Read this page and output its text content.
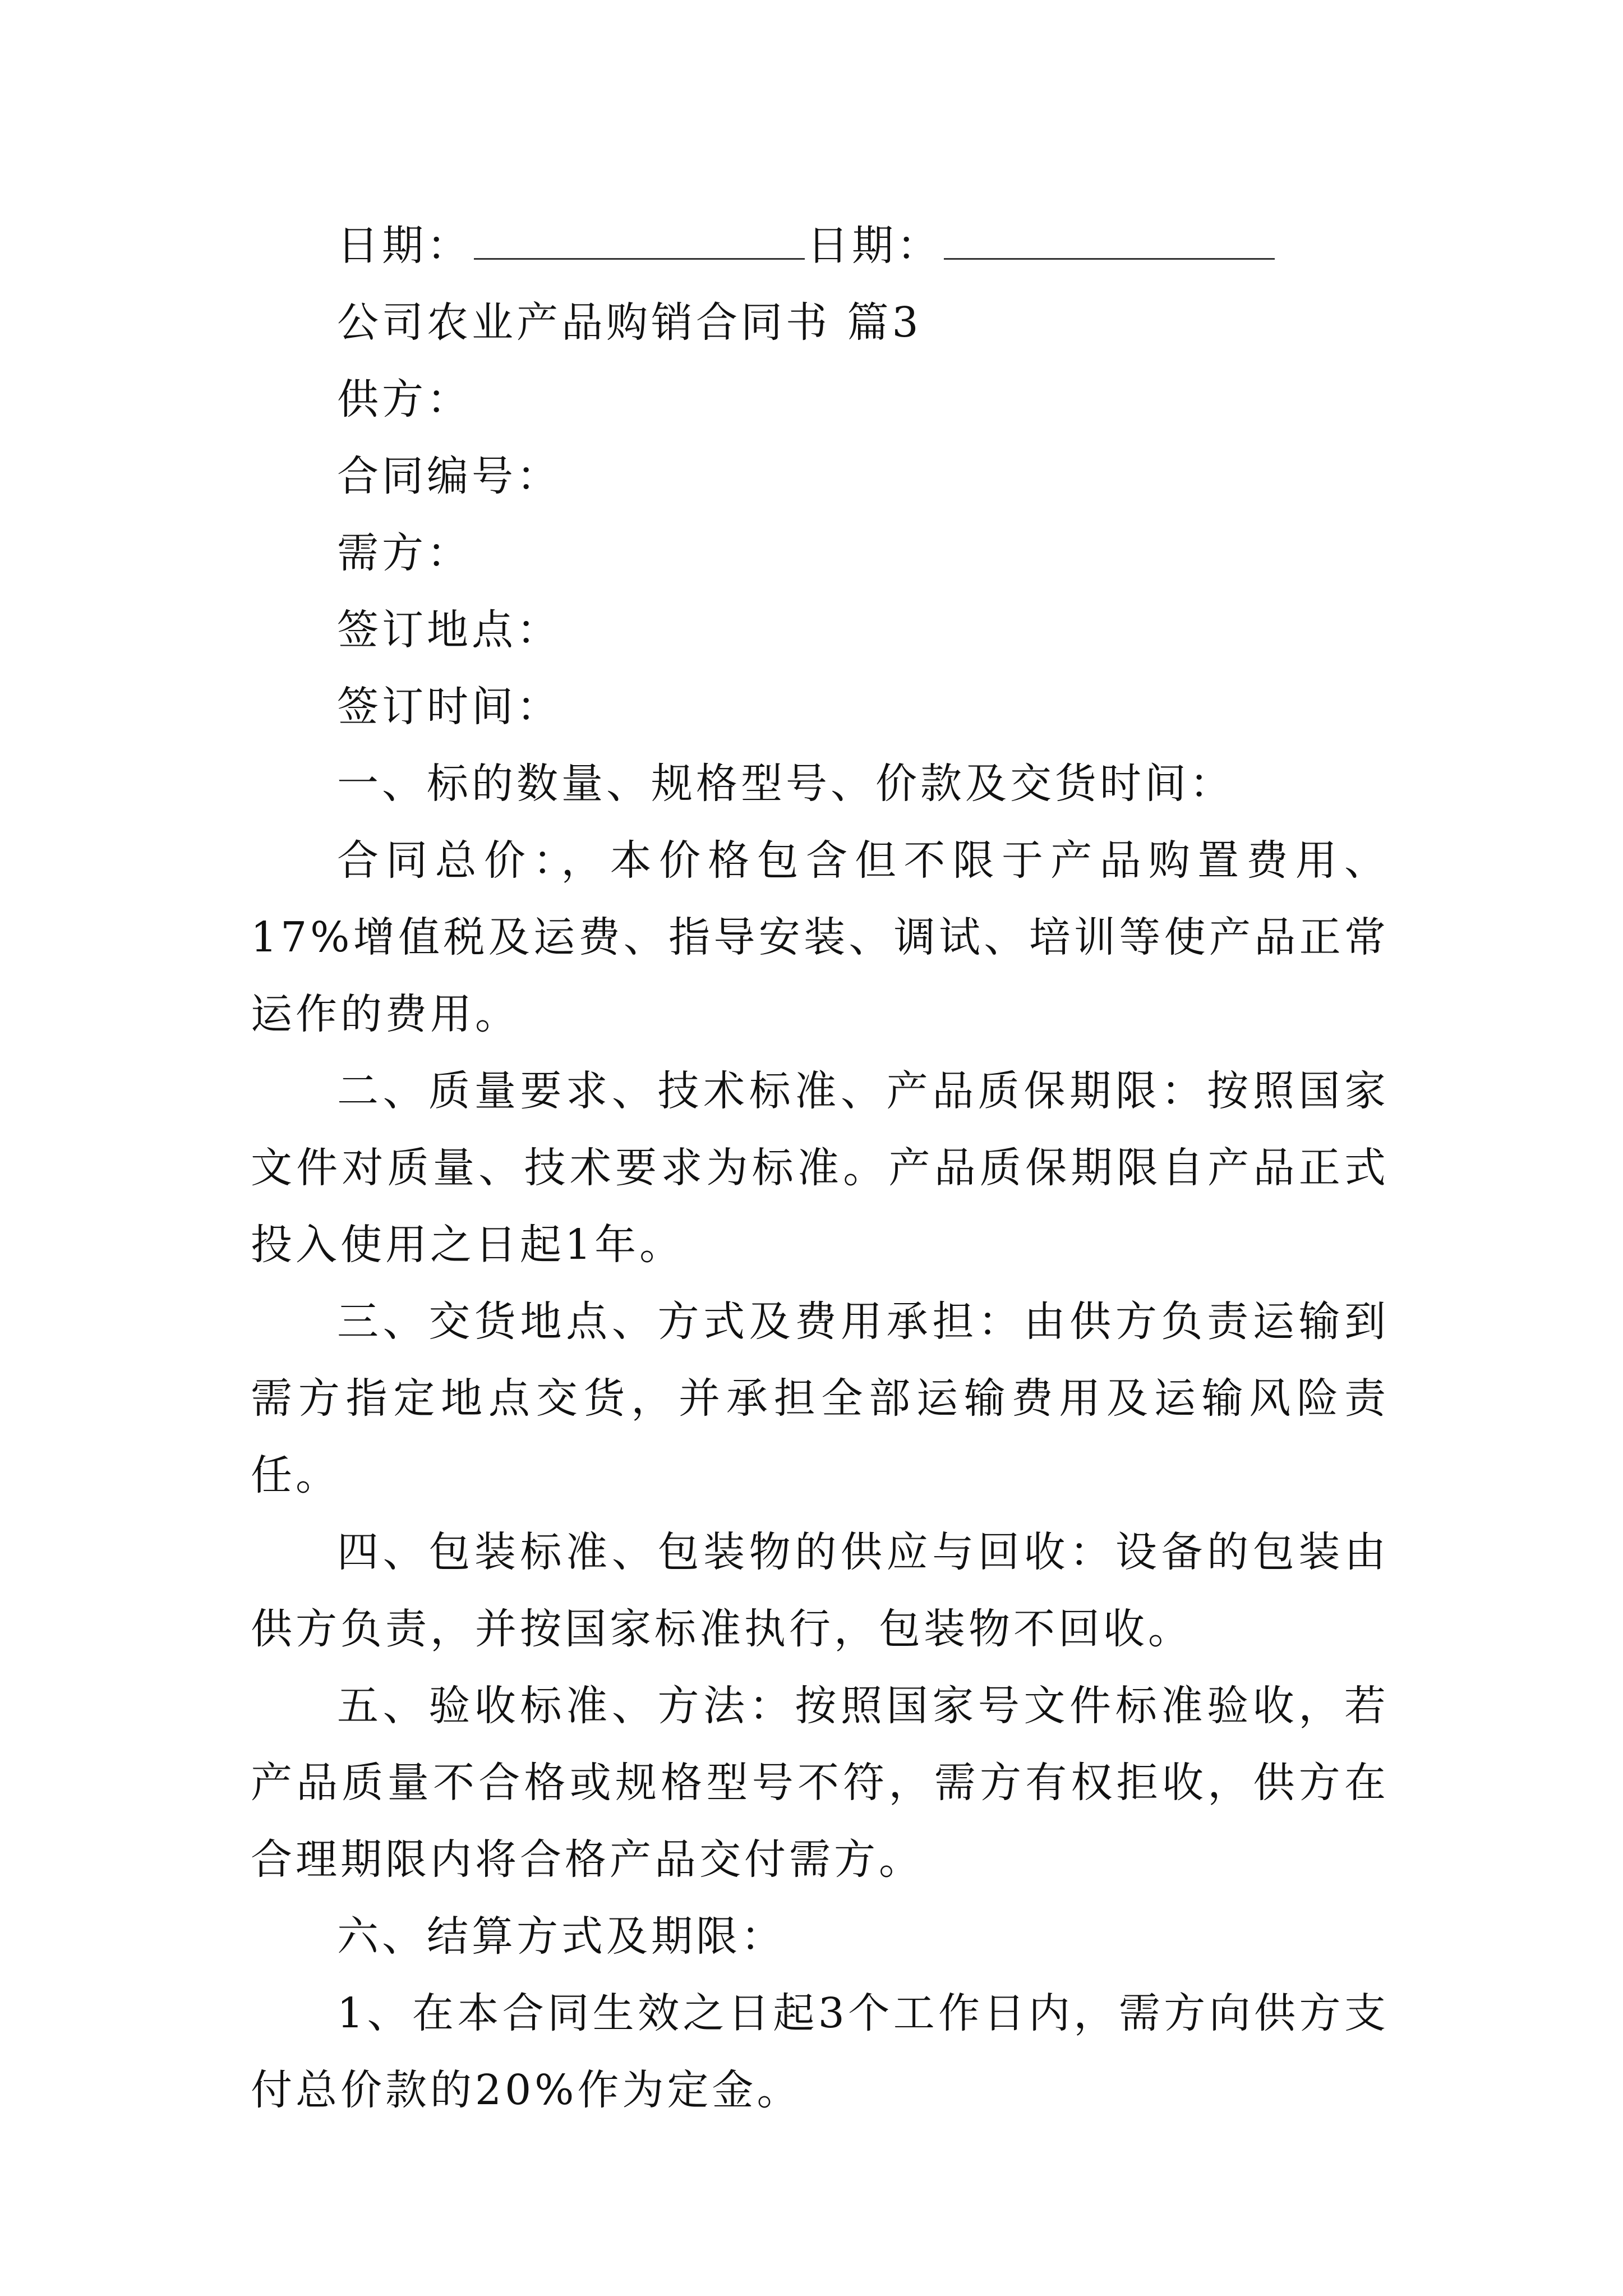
日期：	日期：
公司农业产品购销合同书 篇3
供方：
合同编号：
需方：
签订地点：
签订时间：

一、标的数量、规格型号、价款及交货时间：

合同总价：，本价格包含但不限于产品购置费用、17%增值税及运费、指导安装、调试、培训等使产品正常运作的费用。

二、质量要求、技术标准、产品质保期限：按照国家文件对质量、技术要求为标准。产品质保期限自产品正式投入使用之日起1年。

三、交货地点、方式及费用承担：由供方负责运输到需方指定地点交货，并承担全部运输费用及运输风险责任。

四、包装标准、包装物的供应与回收：设备的包装由供方负责，并按国家标准执行，包装物不回收。

五、验收标准、方法：按照国家号文件标准验收，若产品质量不合格或规格型号不符，需方有权拒收，供方在合理期限内将合格产品交付需方。

六、结算方式及期限：

1、在本合同生效之日起3个工作日内，需方向供方支付总价款的20%作为定金。
